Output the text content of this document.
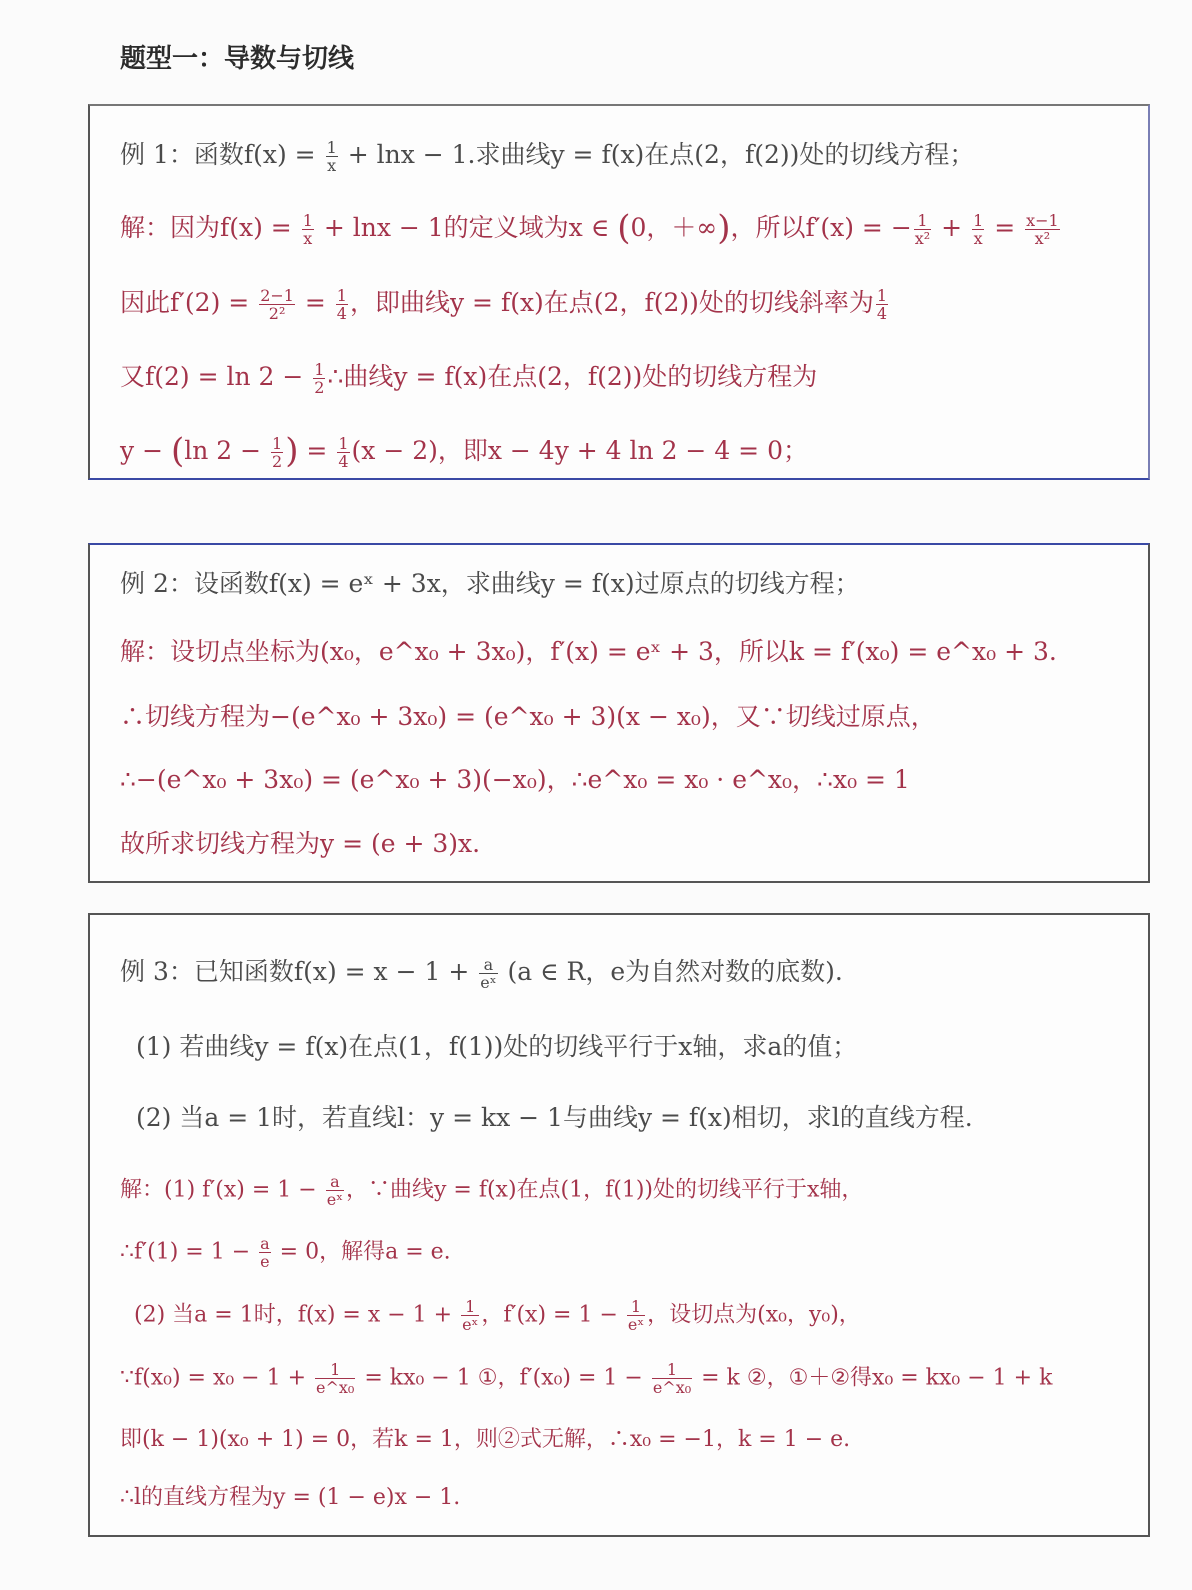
题型一：导数与切线
例 1：函数$f(x) = \frac{1}{x} + \ln x - 1$.求曲线y = f(x)在点(2，f(2))处的切线方程；
解：因为$f(x) = \frac{1}{x} + \ln x - 1$的定义域为x ∈ (0，＋∞)，所以f′(x) = − $\frac{1}{\text{x²}} + \frac{1}{x} = \frac{x-1}{\text{x²}}$
因此$f'(2) = \frac{2-1}{\text{2²}} = \frac{1}{4}$ ，即曲线y = f(x)在点(2，f(2))处的切线斜率为 $\frac{1}{4}$
又$f(2) = \ln 2 - \frac{1}{2}$ ∴曲线y = f(x)在点(2，f(2))处的切线方程为
y − (ln $2 - \frac{1}{2}$ ) = $\frac{1}{4} (x - 2)$，即x − 4y + 4 ln 2 − 4 = 0；
例 2：设函数f(x) = eˣ + 3x，求曲线y = f(x)过原点的切线方程；
解：设切点坐标为(x₀，e^x₀ + 3x₀)，f′(x) = eˣ + 3，所以k = f′(x₀) = e^x₀ + 3.
∴切线方程为−(e^x₀ + 3x₀) = (e^x₀ + 3)(x − x₀)，又∵切线过原点，
∴−(e^x₀ + 3x₀) = (e^x₀ + 3)(−x₀)，∴e^x₀ = x₀ · e^x₀，∴x₀ = 1
故所求切线方程为y = (e + 3)x.
例 3：已知函数$f(x) = x - 1 + \frac{a}{\text{eˣ}} (a$ ∈ R，e为自然对数的底数).
(1) 若曲线y = f(x)在点(1，f(1))处的切线平行于x轴，求a的值；
(2) 当a = 1时，若直线l：y = kx − 1与曲线y = f(x)相切，求l的直线方程.
解：(1) $f'(x) = 1 - \frac{a}{\text{eˣ}}$ ，∵曲线y = f(x)在点(1，f(1))处的切线平行于x轴，
∴f′(1) = $1 - \frac{a}{e} = 0$，解得a = e.
(2) 当a = 1时，$f(x) = x - 1 + \frac{1}{\text{eˣ}}$ ，$f'(x) = 1 - \frac{1}{\text{eˣ}}$ ，设切点为(x₀，y₀)，
∵f(x₀) = $x_0 - 1 + \frac{1}{\text{e\textasciicircum{}x₀}} = kx_0 - 1$ ①，$f'(x_0) = 1 - \frac{1}{\text{e\textasciicircum{}x₀}} = k$ ②，①＋②得x₀ = kx₀ − 1 + k
即(k − 1)(x₀ + 1) = 0，若k = 1，则②式无解，∴x₀ = −1，k = 1 − e.
∴l的直线方程为y = (1 − e)x − 1.
